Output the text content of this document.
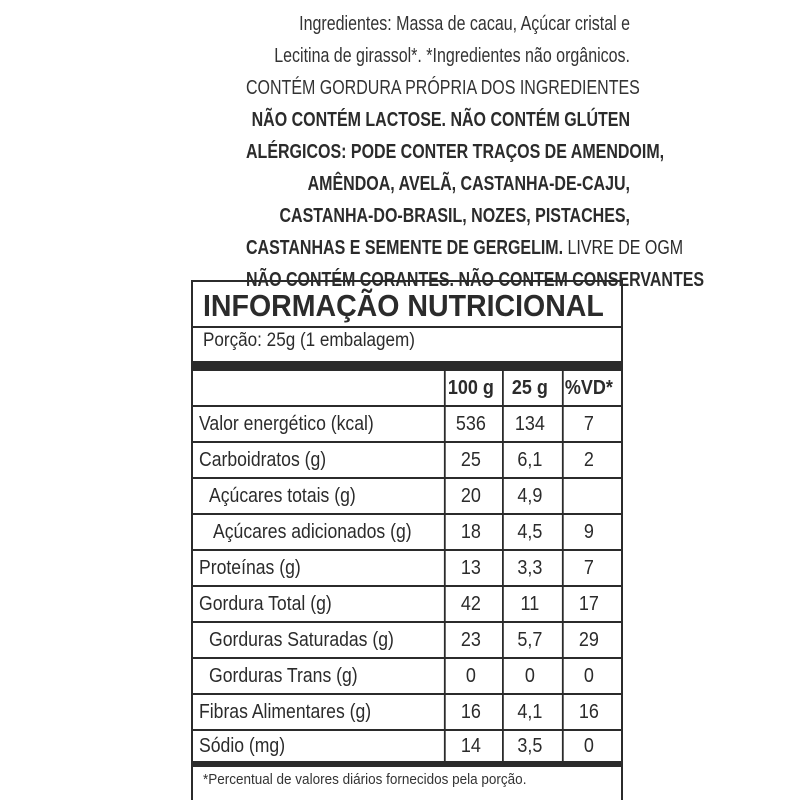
Ingredientes: Massa de cacau, Açúcar cristal e
Lecitina de girassol*. *Ingredientes não orgânicos.
CONTÉM GORDURA PRÓPRIA DOS INGREDIENTES
NÃO CONTÉM LACTOSE. NÃO CONTÉM GLÚTEN
ALÉRGICOS: PODE CONTER TRAÇOS DE AMENDOIM,
AMÊNDOA, AVELÃ, CASTANHA-DE-CAJU,
CASTANHA-DO-BRASIL, NOZES, PISTACHES,
CASTANHAS E SEMENTE DE GERGELIM. LIVRE DE OGM
NÃO CONTÉM CORANTES. NÃO CONTEM CONSERVANTES
INFORMAÇÃO NUTRICIONAL
Porção: 25g (1 embalagem)
100 g 25 g %VD*
Valor energético (kcal)	536	134	7
Carboidratos (g)	25	6,1	2
Açúcares totais (g)	20	4,9
Açúcares adicionados (g)	18	4,5	9
Proteínas (g)	13	3,3	7
Gordura Total (g)	42	11	17
Gorduras Saturadas (g)	23	5,7	29
Gorduras Trans (g)	0	0	0
Fibras Alimentares (g)	16	4,1	16
Sódio (mg)	14	3,5	0
*Percentual de valores diários fornecidos pela porção.
